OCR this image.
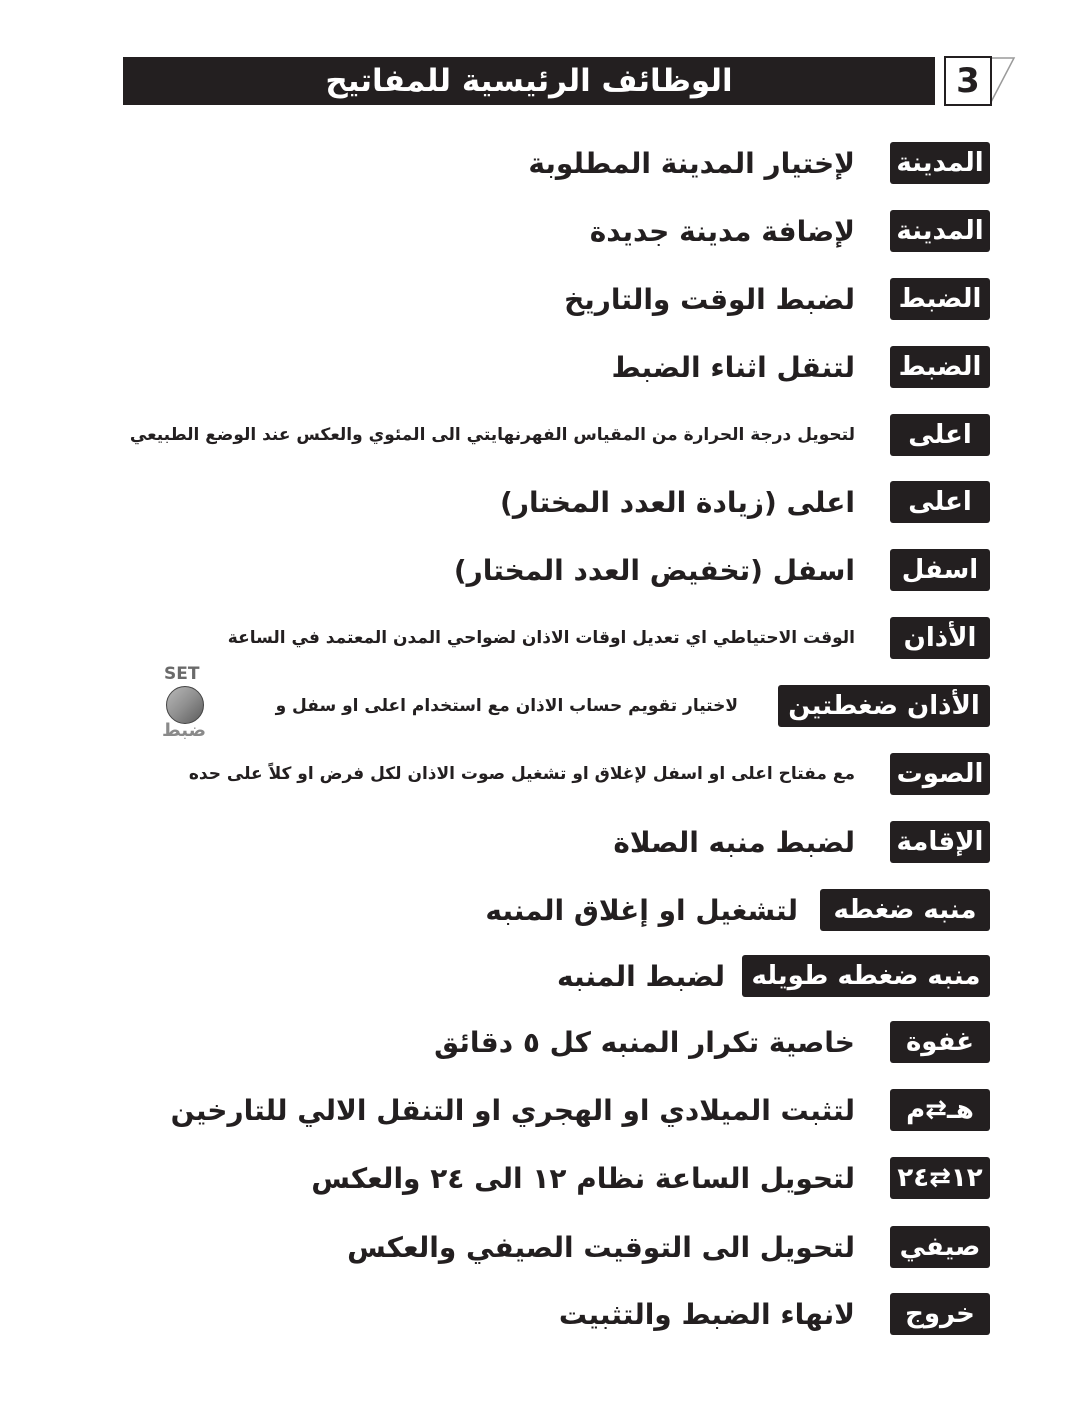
الوظائف الرئيسية للمفاتيح	3
المدينة
لإختيار المدينة المطلوبة
المدينة
لإضافة مدينة جديدة
الضبط
لضبط الوقت والتاريخ
الضبط
لتنقل اثناء الضبط
اعلى
لتحويل درجة الحرارة من المقياس الفهرنهايتي الى المئوي والعكس عند الوضع الطبيعي
اعلى
اعلى (زيادة العدد المختار)
اسفل
اسفل (تخفيض العدد المختار)
الأذان
الوقت الاحتياطي اي تعديل اوقات الاذان لضواحي المدن المعتمد في الساعة
الأذان ضغطتين
لاختيار تقويم حساب الاذان مع استخدام اعلى او سفل و
SET
ضبط
الصوت
مع مفتاح اعلى او اسفل لإغلاق او تشغيل صوت الاذان لكل فرض او كلاً على حده
الإقامة
لضبط منبه الصلاة
منبه ضغطه
لتشغيل او إغلاق المنبه
منبه ضغطه طويله
لضبط المنبه
غفوة
خاصية تكرار المنبه كل ٥ دقائق
هـ⇄م
لتثبت الميلادي او الهجري او التنقل الالي للتارخين
١٢⇄٢٤
لتحويل الساعة نظام ١٢ الى ٢٤ والعكس
صيفي
لتحويل الى التوقيت الصيفي والعكس
خروج
لانهاء الضبط والتثبيت
